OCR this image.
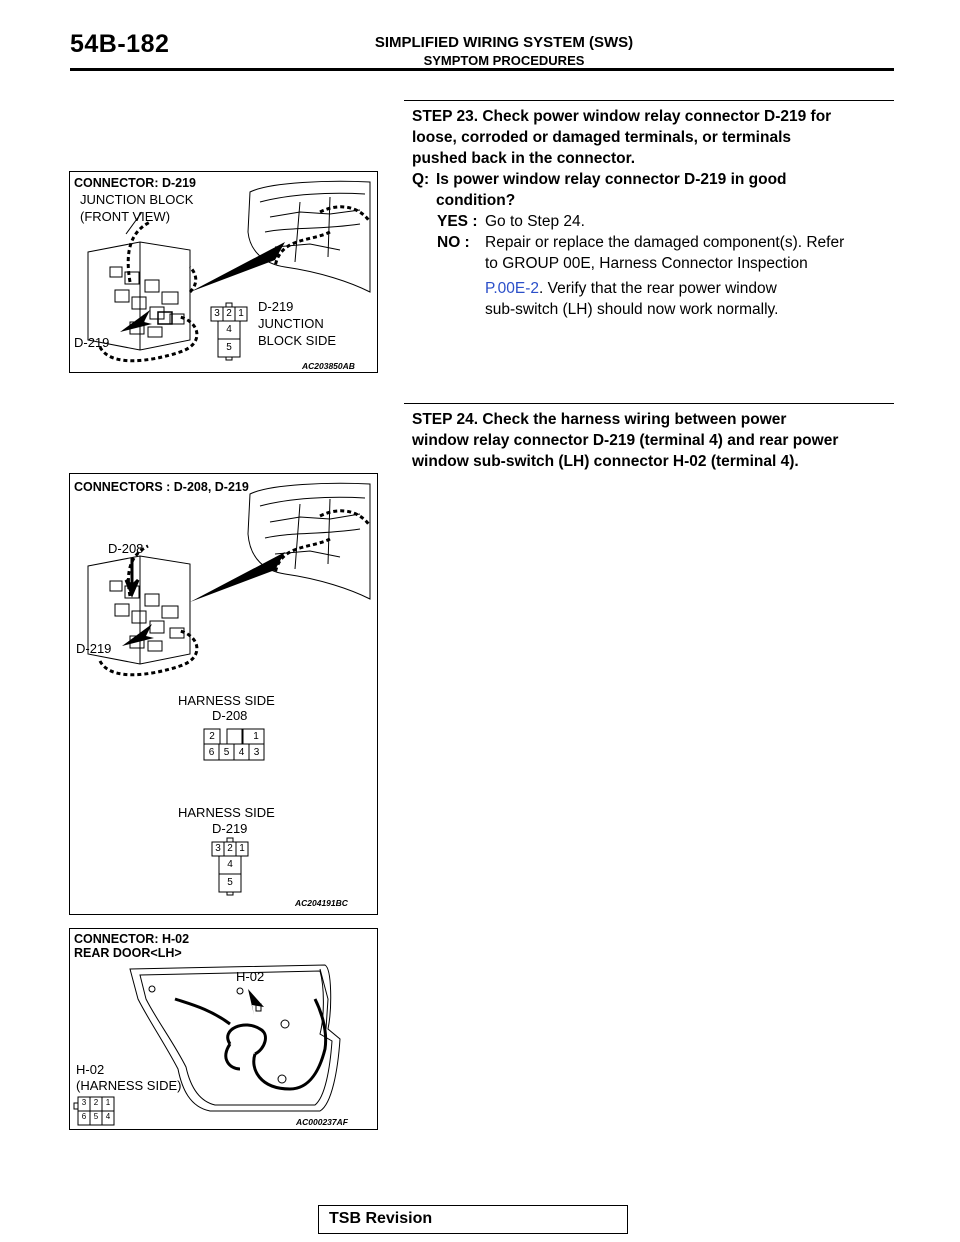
54B-182	SIMPLIFIED WIRING SYSTEM (SWS)
SYMPTOM PROCEDURES
STEP 23. Check power window relay connector D-219 for
loose, corroded or damaged terminals, or terminals
pushed back in the connector.
Q: Is power window relay connector D-219 in good
condition?
YES : Go to Step 24.
NO : Repair or replace the damaged component(s). Refer
to GROUP 00E, Harness Connector Inspection
P.00E-2. Verify that the rear power window
sub-switch (LH) should now work normally.
STEP 24. Check the harness wiring between power
window relay connector D-219 (terminal 4) and rear power
window sub-switch (LH) connector H-02 (terminal 4).
CONNECTOR: D-219
JUNCTION BLOCK
(FRONT VIEW)
D-219
D-219
JUNCTION
BLOCK SIDE
3 2 1
4
5
AC203850AB
CONNECTORS : D-208, D-219
D-208
D-219
HARNESS SIDE
D-208
2	1
6 5 4 3
HARNESS SIDE
D-219
3 2 1
4
5
AC204191BC
CONNECTOR: H-02
REAR DOOR<LH>
H-02
H-02
(HARNESS SIDE)
3 2 1
6 5 4
AC000237AF
TSB Revision
